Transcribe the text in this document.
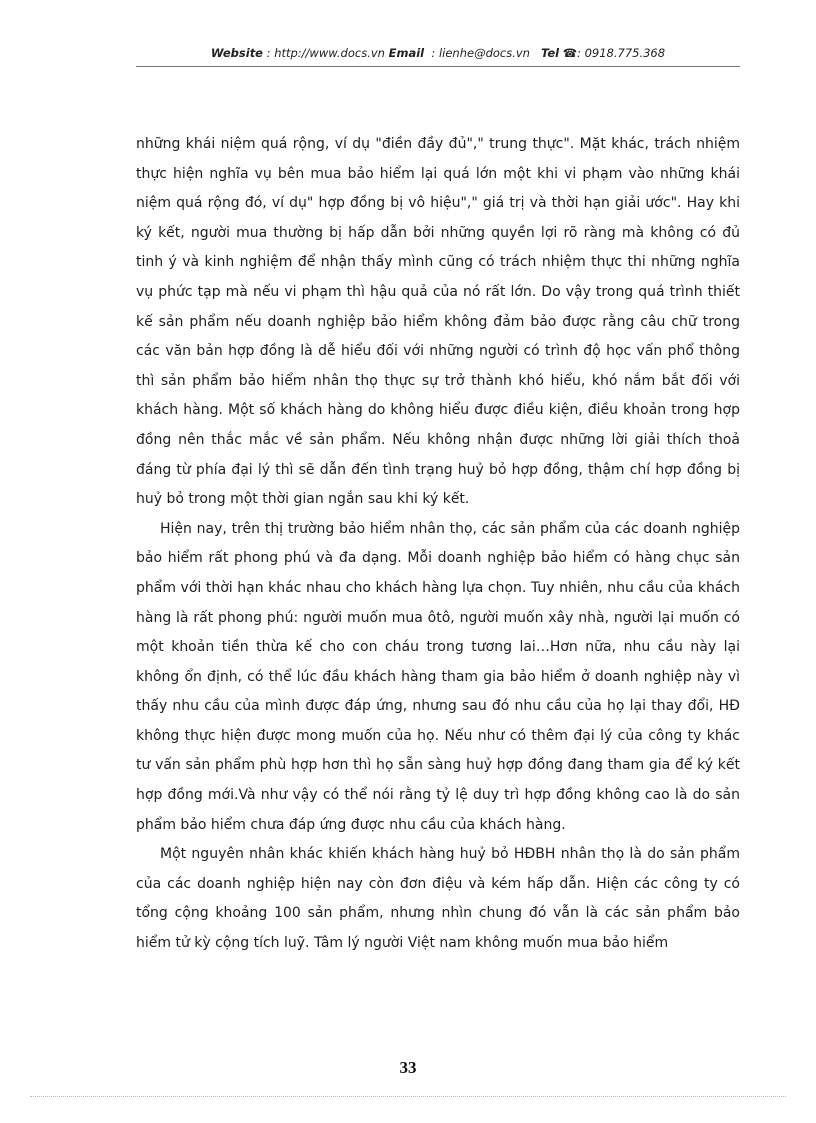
Website : http://www.docs.vn Email  : lienhe@docs.vn Tel ☎: 0918.775.368

những khái niệm quá rộng, ví dụ "điền đầy đủ"," trung thực". Mặt khác, trách nhiệm thực hiện nghĩa vụ bên mua bảo hiểm lại quá lớn một khi vi phạm vào những khái niệm quá rộng đó, ví dụ" hợp đồng bị vô hiệu"," giá trị và thời hạn giải ước". Hay khi ký kết, người mua thường bị hấp dẫn bởi những quyền lợi rõ ràng mà không có đủ tinh ý và kinh nghiệm để nhận thấy mình cũng có trách nhiệm thực thi những nghĩa vụ phức tạp mà nếu vi phạm thì hậu quả của nó rất lớn. Do vậy trong quá trình thiết kế sản phẩm nếu doanh nghiệp bảo hiểm không đảm bảo được rằng câu chữ trong các văn bản hợp đồng là dễ hiểu đối với những người có trình độ học vấn phổ thông thì sản phẩm bảo hiểm nhân thọ thực sự trở thành khó hiểu, khó nắm bắt đối với khách hàng. Một số khách hàng do không hiểu được điều kiện, điều khoản trong hợp đồng nên thắc mắc về sản phẩm. Nếu không nhận được những lời giải thích thoả đáng từ phía đại lý thì sẽ dẫn đến tình trạng huỷ bỏ hợp đồng, thậm chí hợp đồng bị huỷ bỏ trong một thời gian ngắn sau khi ký kết.

Hiện nay, trên thị trường bảo hiểm nhân thọ, các sản phẩm của các doanh nghiệp bảo hiểm rất phong phú và đa dạng. Mỗi doanh nghiệp bảo hiểm có hàng chục sản phẩm với thời hạn khác nhau cho khách hàng lựa chọn. Tuy nhiên, nhu cầu của khách hàng là rất phong phú: người muốn mua ôtô, người muốn xây nhà, người lại muốn có một khoản tiền thừa kế cho con cháu trong tương lai…Hơn nữa, nhu cầu này lại không ổn định, có thể lúc đầu khách hàng tham gia bảo hiểm ở doanh nghiệp này vì thấy nhu cầu của mình được đáp ứng, nhưng sau đó nhu cầu của họ lại thay đổi, HĐ không thực hiện được mong muốn của họ. Nếu như có thêm đại lý của công ty khác tư vấn sản phẩm phù hợp hơn thì họ sẵn sàng huỷ hợp đồng đang tham gia để ký kết hợp đồng mới.Và như vậy có thể nói rằng tỷ lệ duy trì hợp đồng không cao là do sản phẩm bảo hiểm chưa đáp ứng được nhu cầu của khách hàng.

Một nguyên nhân khác khiến khách hàng huỷ bỏ HĐBH nhân thọ là do sản phẩm của các doanh nghiệp hiện nay còn đơn điệu và kém hấp dẫn. Hiện các công ty có tổng cộng khoảng 100 sản phẩm, nhưng nhìn chung đó vẫn là các sản phẩm bảo hiểm tử kỳ cộng tích luỹ. Tâm lý người Việt nam không muốn mua bảo hiểm

33
